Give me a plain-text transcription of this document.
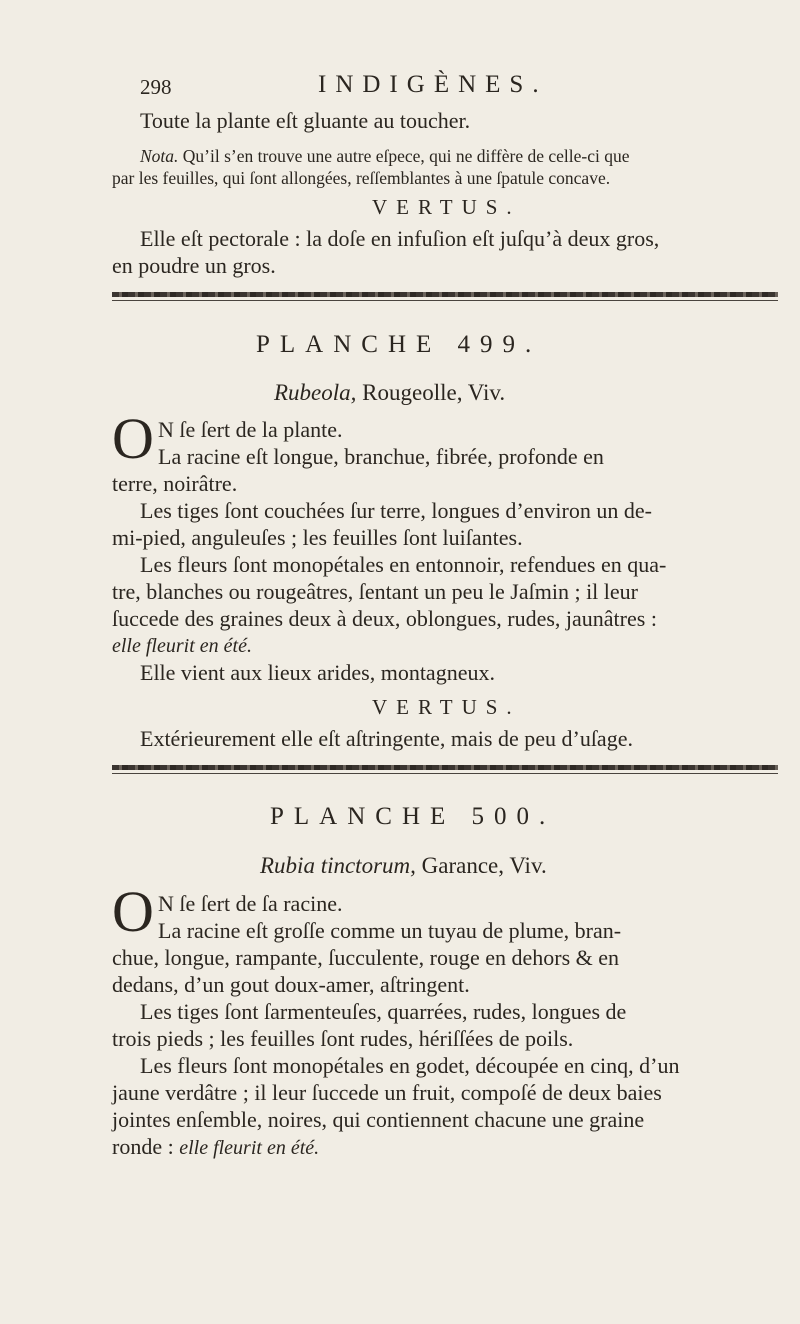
298	INDIGÈNES.
Toute la plante eſt gluante au toucher.
Nota. Qu’il s’en trouve une autre eſpece, qui ne diffère de celle-ci que
par les feuilles, qui ſont allongées, reſſemblantes à une ſpatule concave.
VERTUS.
Elle eſt pectorale : la doſe en infuſion eſt juſqu’à deux gros,
en poudre un gros.
PLANCHE 499.
Rubeola, Rougeolle, Viv.
O N ſe ſert de la plante.
La racine eſt longue, branchue, fibrée, profonde en
terre, noirâtre.
Les tiges ſont couchées ſur terre, longues d’environ un de-
mi-pied, anguleuſes ; les feuilles ſont luiſantes.
Les fleurs ſont monopétales en entonnoir, refendues en qua-
tre, blanches ou rougeâtres, ſentant un peu le Jaſmin ; il leur
ſuccede des graines deux à deux, oblongues, rudes, jaunâtres :
elle fleurit en été.
Elle vient aux lieux arides, montagneux.
VERTUS.
Extérieurement elle eſt aſtringente, mais de peu d’uſage.
PLANCHE 500.
Rubia tinctorum, Garance, Viv.
O N ſe ſert de ſa racine.
La racine eſt groſſe comme un tuyau de plume, bran-
chue, longue, rampante, ſucculente, rouge en dehors & en
dedans, d’un gout doux-amer, aſtringent.
Les tiges ſont ſarmenteuſes, quarrées, rudes, longues de
trois pieds ; les feuilles ſont rudes, hériſſées de poils.
Les fleurs ſont monopétales en godet, découpée en cinq, d’un
jaune verdâtre ; il leur ſuccede un fruit, compoſé de deux baies
jointes enſemble, noires, qui contiennent chacune une graine
ronde : elle fleurit en été.
